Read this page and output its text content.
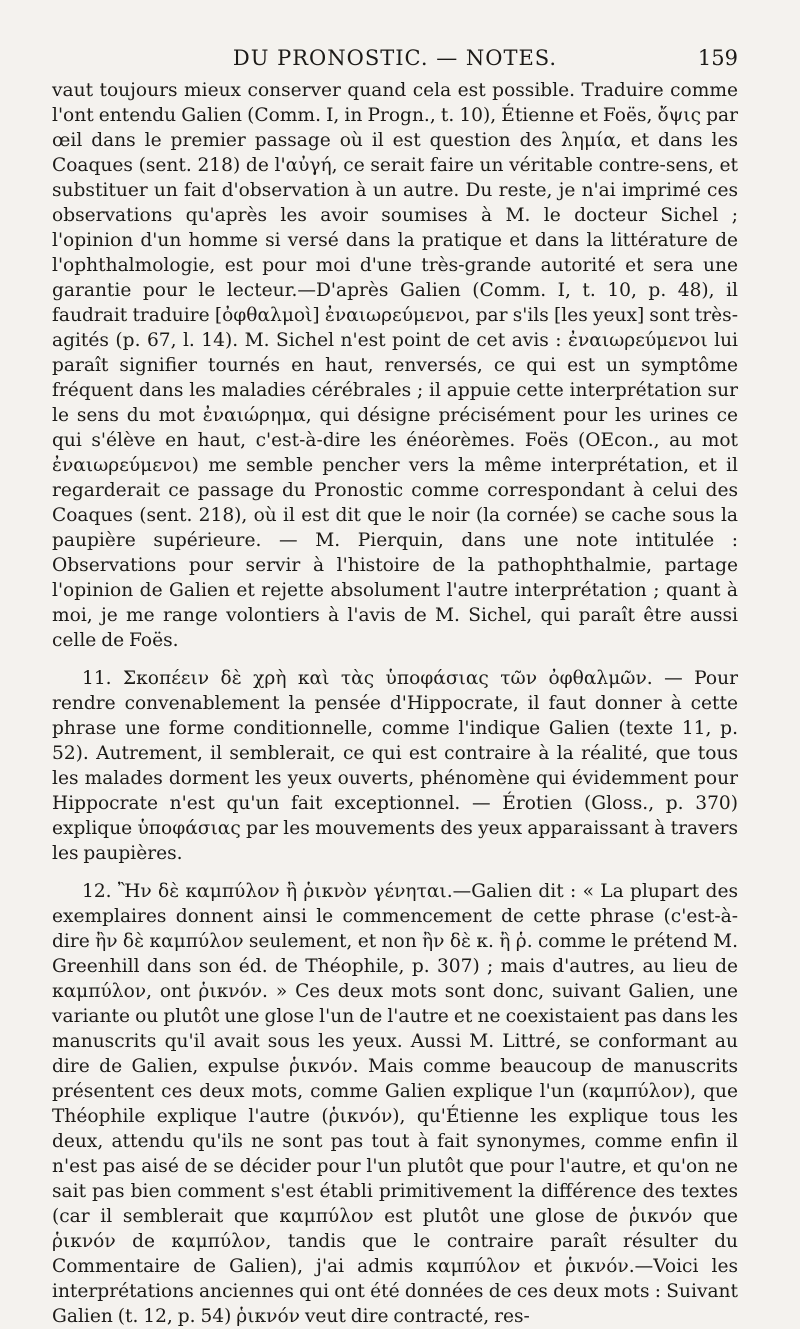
DU PRONOSTIC. — NOTES.	159

vaut toujours mieux conserver quand cela est possible. Traduire comme l'ont entendu Galien (Comm. I, in Progn., t. 10), Étienne et Foës, ὄψις par œil dans le premier passage où il est question des λημία, et dans les Coaques (sent. 218) de l'αὐγή, ce serait faire un véritable contre-sens, et substituer un fait d'observation à un autre. Du reste, je n'ai imprimé ces observations qu'après les avoir soumises à M. le docteur Sichel ; l'opinion d'un homme si versé dans la pratique et dans la littérature de l'ophthalmologie, est pour moi d'une très-grande autorité et sera une garantie pour le lecteur.—D'après Galien (Comm. I, t. 10, p. 48), il faudrait traduire [ὀφθαλμοὶ] ἐναιωρεύμενοι, par s'ils [les yeux] sont très-agités (p. 67, l. 14). M. Sichel n'est point de cet avis : ἐναιωρεύμενοι lui paraît signifier tournés en haut, renversés, ce qui est un symptôme fréquent dans les maladies cérébrales ; il appuie cette interprétation sur le sens du mot ἐναιώρημα, qui désigne précisément pour les urines ce qui s'élève en haut, c'est-à-dire les énéorèmes. Foës (OEcon., au mot ἐναιωρεύμενοι) me semble pencher vers la même interprétation, et il regarderait ce passage du Pronostic comme correspondant à celui des Coaques (sent. 218), où il est dit que le noir (la cornée) se cache sous la paupière supérieure. — M. Pierquin, dans une note intitulée : Observations pour servir à l'histoire de la pathophthalmie, partage l'opinion de Galien et rejette absolument l'autre interprétation ; quant à moi, je me range volontiers à l'avis de M. Sichel, qui paraît être aussi celle de Foës.

11. Σκοπέειν δὲ χρὴ καὶ τὰς ὑποφάσιας τῶν ὀφθαλμῶν. — Pour rendre convenablement la pensée d'Hippocrate, il faut donner à cette phrase une forme conditionnelle, comme l'indique Galien (texte 11, p. 52). Autrement, il semblerait, ce qui est contraire à la réalité, que tous les malades dorment les yeux ouverts, phénomène qui évidemment pour Hippocrate n'est qu'un fait exceptionnel. — Érotien (Gloss., p. 370) explique ὑποφάσιας par les mouvements des yeux apparaissant à travers les paupières.

12. Ἢν δὲ καμπύλον ἢ ῥικνὸν γένηται.—Galien dit : « La plupart des exemplaires donnent ainsi le commencement de cette phrase (c'est-à-dire ἢν δὲ καμπύλον seulement, et non ἢν δὲ κ. ἢ ῥ. comme le prétend M. Greenhill dans son éd. de Théophile, p. 307) ; mais d'autres, au lieu de καμπύλον, ont ῥικνόν. » Ces deux mots sont donc, suivant Galien, une variante ou plutôt une glose l'un de l'autre et ne coexistaient pas dans les manuscrits qu'il avait sous les yeux. Aussi M. Littré, se conformant au dire de Galien, expulse ῥικνόν. Mais comme beaucoup de manuscrits présentent ces deux mots, comme Galien explique l'un (καμπύλον), que Théophile explique l'autre (ῥικνόν), qu'Étienne les explique tous les deux, attendu qu'ils ne sont pas tout à fait synonymes, comme enfin il n'est pas aisé de se décider pour l'un plutôt que pour l'autre, et qu'on ne sait pas bien comment s'est établi primitivement la différence des textes (car il semblerait que καμπύλον est plutôt une glose de ῥικνόν que ῥικνόν de καμπύλον, tandis que le contraire paraît résulter du Commentaire de Galien), j'ai admis καμπύλον et ῥικνόν.—Voici les interprétations anciennes qui ont été données de ces deux mots : Suivant Galien (t. 12, p. 54) ῥικνόν veut dire contracté, res-
